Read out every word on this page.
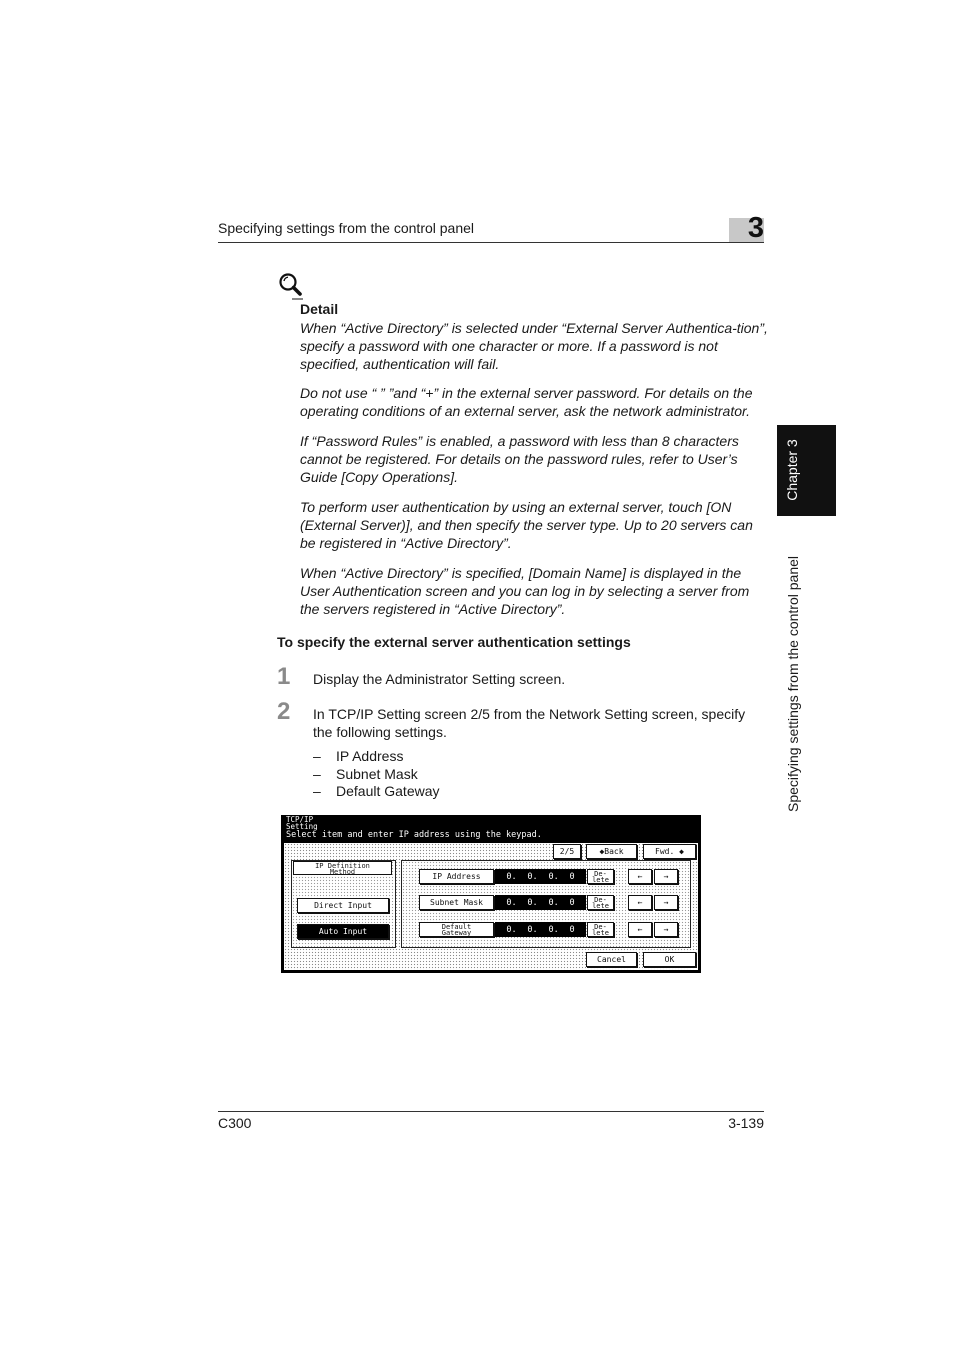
Specifying settings from the control panel	3
Chapter 3
Specifying settings from the control panel
Detail

When “Active Directory” is selected under “External Server Authentica-tion”, specify a password with one character or more. If a password is not specified, authentication will fail.

Do not use “ ” ”and “+” in the external server password. For details on the operating conditions of an external server, ask the network administrator.

If “Password Rules” is enabled, a password with less than 8 characters cannot be registered. For details on the password rules, refer to User’s Guide [Copy Operations].

To perform user authentication by using an external server, touch [ON (External Server)], and then specify the server type. Up to 20 servers can be registered in “Active Directory”.

When “Active Directory” is specified, [Domain Name] is displayed in the User Authentication screen and you can log in by selecting a server from the servers registered in “Active Directory”.

To specify the external server authentication settings
1 Display the Administrator Setting screen.
2 In TCP/IP Setting screen 2/5 from the Network Setting screen, specify the following settings.
– IP Address
– Subnet Mask
– Default Gateway
TCP/IP
Setting
Select item and enter IP address using the keypad.
2/5	◆Back	Fwd. ◆
IP Definition
Method
Direct Input
Auto Input
IP Address	0. 0. 0. 0	De-
lete	←	→
Subnet Mask	0. 0. 0. 0	De-
lete	←	→
Default
Gateway	0. 0. 0. 0	De-
lete	←	→
Cancel	OK
C300	3-139
